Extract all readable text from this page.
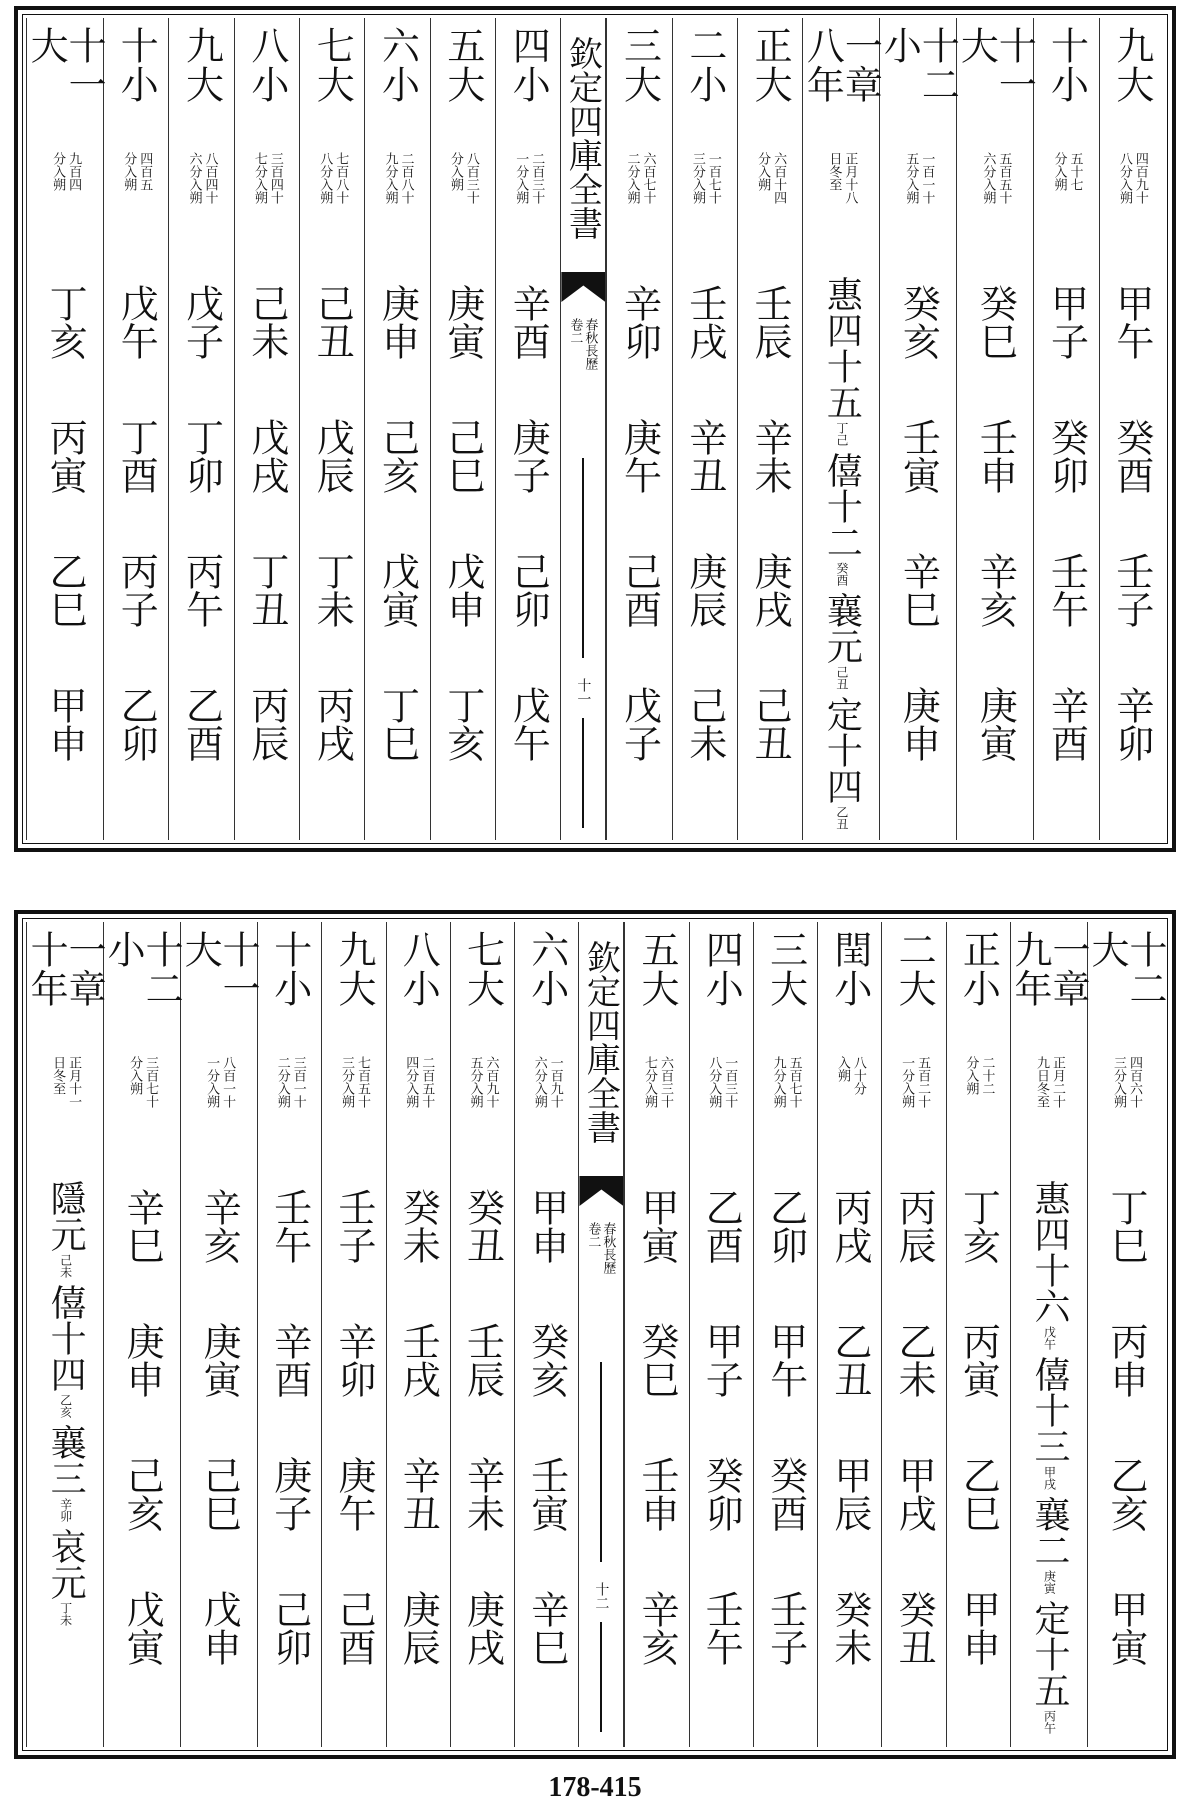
九大
四百九十
八分入朔
甲午
癸酉
壬子
辛卯
十小
五十七
分入朔
甲子
癸卯
壬午
辛酉
十一大
五百五十
六分入朔
癸巳
壬申
辛亥
庚寅
十二小
一百一十
五分入朔
癸亥
壬寅
辛巳
庚申
一章八年
正月十八
日冬至
惠四十五
丁己
僖十二
癸酉
襄元
己丑
定十四
乙丑
正大
六百十四
分入朔
壬辰
辛未
庚戌
己丑
二小
一百七十
三分入朔
壬戌
辛丑
庚辰
己未
三大
六百七十
二分入朔
辛卯
庚午
己酉
戊子
欽定四庫全書
春秋長歷
卷二
十一
四小
二百三十
一分入朔
辛酉
庚子
己卯
戊午
五大
八百三十
分入朔
庚寅
己巳
戊申
丁亥
六小
二百八十
九分入朔
庚申
己亥
戊寅
丁巳
七大
七百八十
八分入朔
己丑
戊辰
丁未
丙戌
八小
三百四十
七分入朔
己未
戊戌
丁丑
丙辰
九大
八百四十
六分入朔
戊子
丁卯
丙午
乙酉
十小
四百五
分入朔
戊午
丁酉
丙子
乙卯
十一大
九百四
分入朔
丁亥
丙寅
乙巳
甲申
十二大
四百六十
三分入朔
丁巳
丙申
乙亥
甲寅
一章九年
正月二十
九日冬至
惠四十六
戊午
僖十三
甲戌
襄二
庚寅
定十五
丙午
正小
二十二
分入朔
丁亥
丙寅
乙巳
甲申
二大
五百二十
一分入朔
丙辰
乙未
甲戌
癸丑
閏小
八十分
入朔
丙戌
乙丑
甲辰
癸未
三大
五百七十
九分入朔
乙卯
甲午
癸酉
壬子
四小
一百三十
八分入朔
乙酉
甲子
癸卯
壬午
五大
六百三十
七分入朔
甲寅
癸巳
壬申
辛亥
欽定四庫全書
春秋長歷
卷二
十二
六小
一百九十
六分入朔
甲申
癸亥
壬寅
辛巳
七大
六百九十
五分入朔
癸丑
壬辰
辛未
庚戌
八小
二百五十
四分入朔
癸未
壬戌
辛丑
庚辰
九大
七百五十
三分入朔
壬子
辛卯
庚午
己酉
十小
三百一十
二分入朔
壬午
辛酉
庚子
己卯
十一大
八百一十
一分入朔
辛亥
庚寅
己巳
戊申
十二小
三百七十
分入朔
辛巳
庚申
己亥
戊寅
一章十年
正月十一
日冬至
隱元
己未
僖十四
乙亥
襄三
辛卯
哀元
丁未
178-415
